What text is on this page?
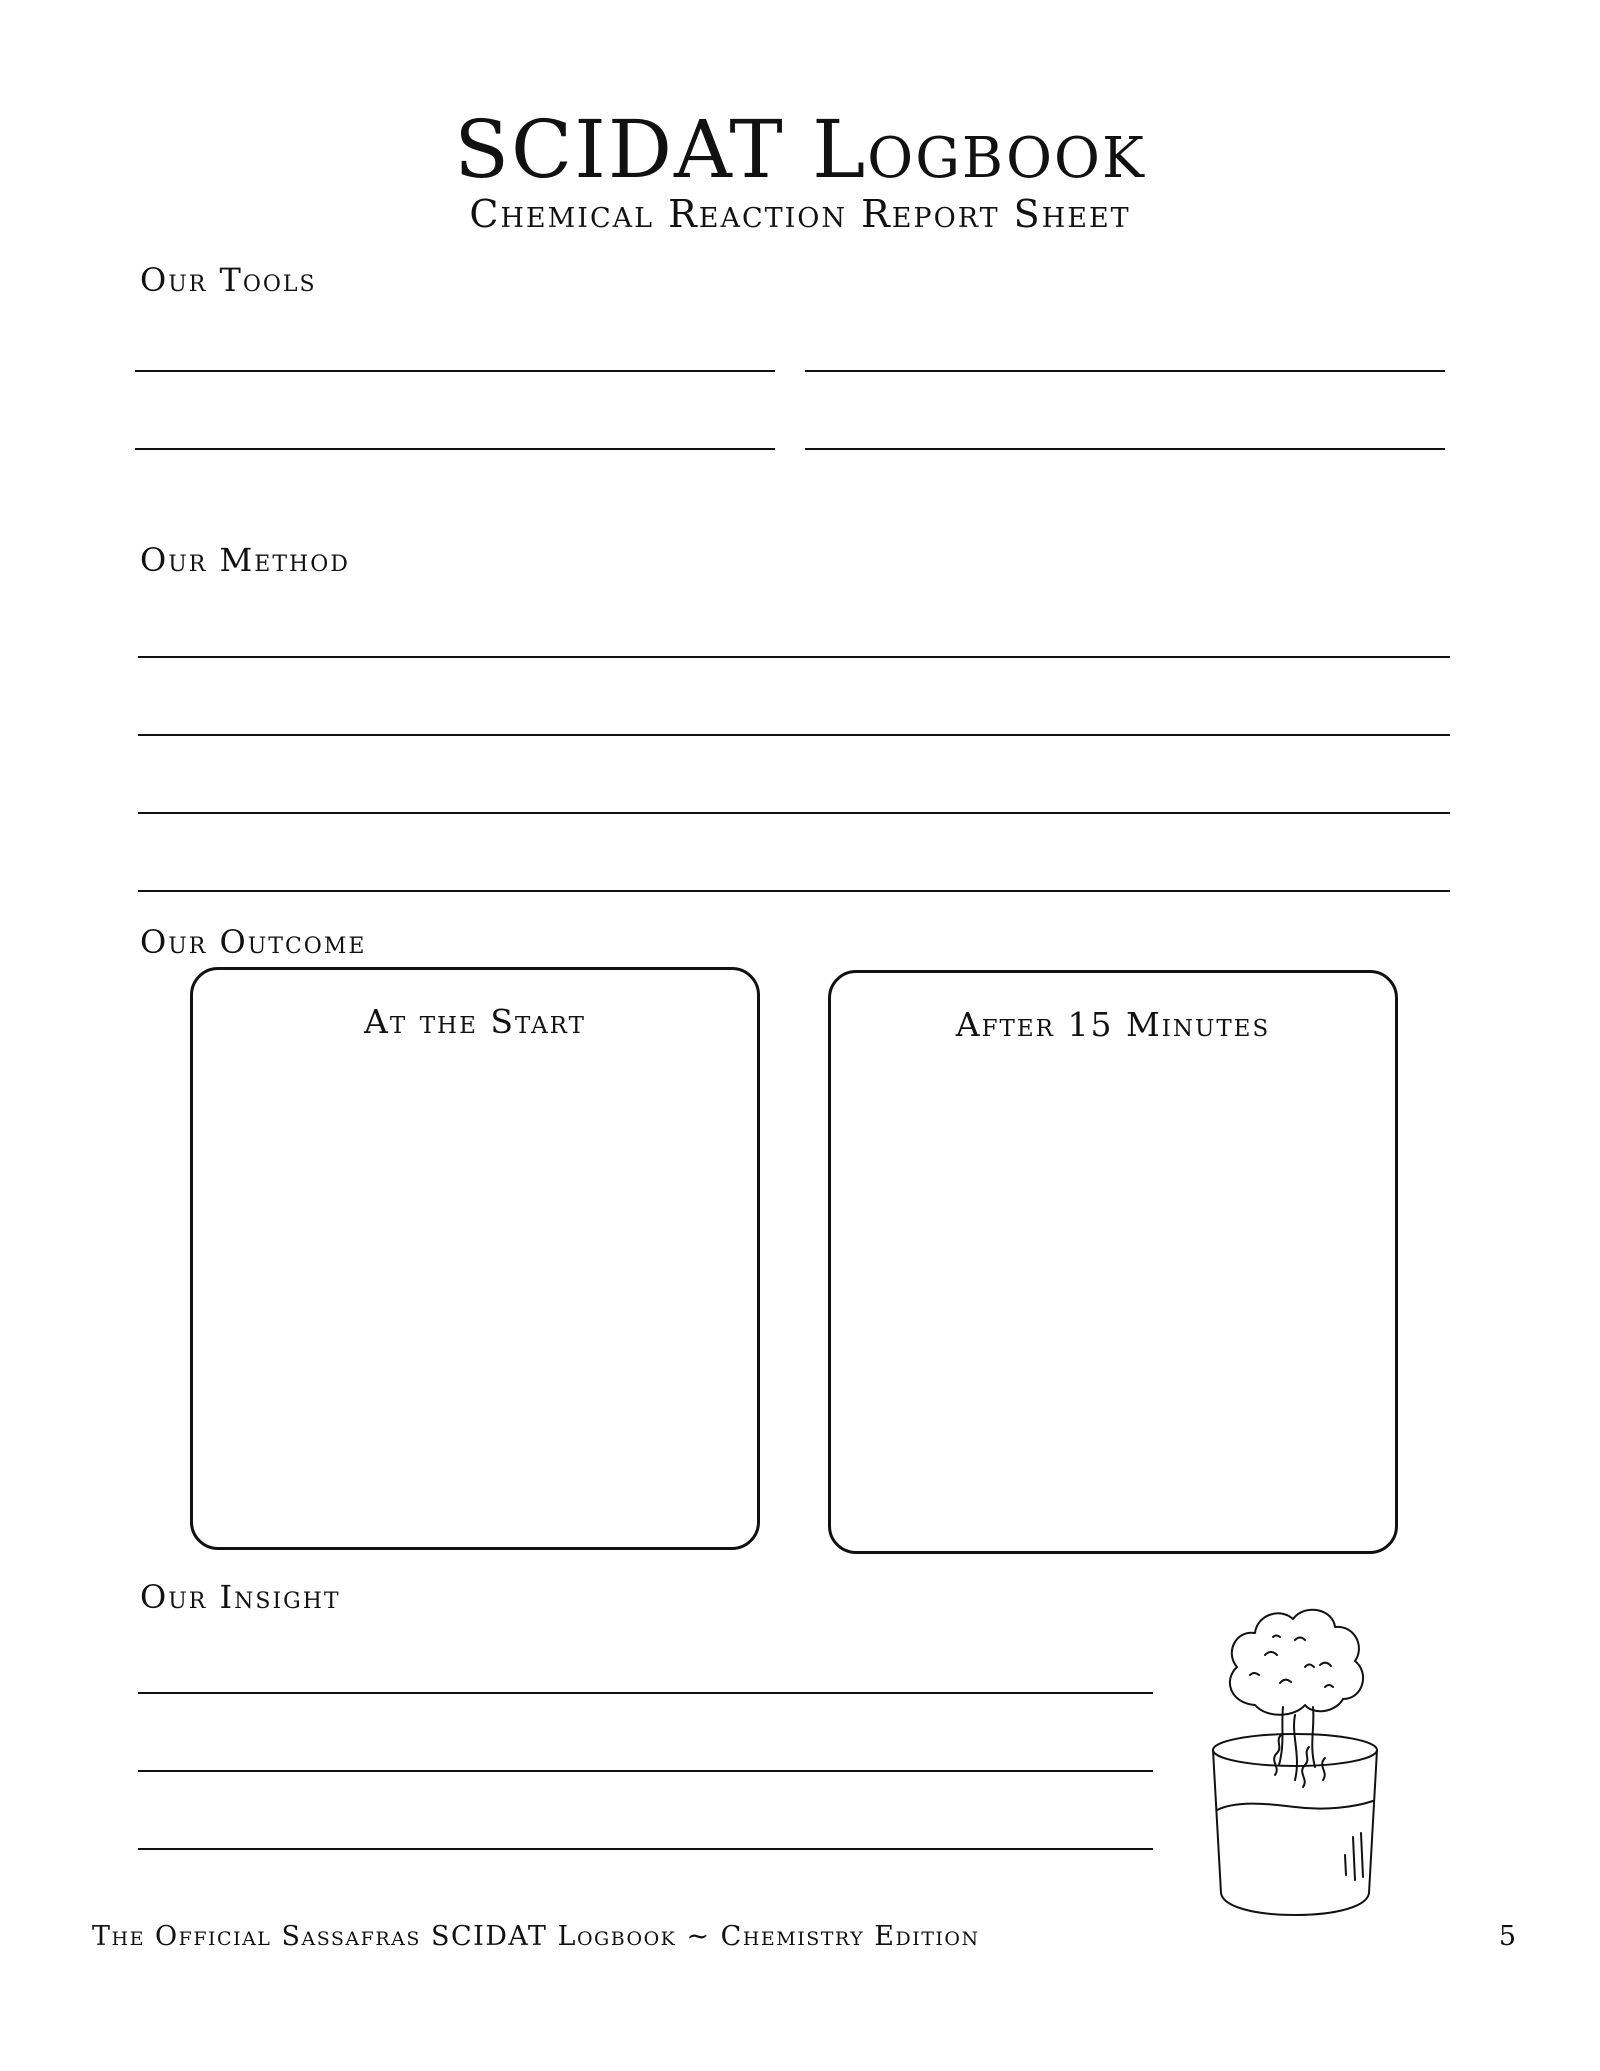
SCIDAT Logbook
Chemical Reaction Report Sheet
Our Tools
Our Method
Our Outcome
At the Start	After 15 Minutes
Our Insight
The Official Sassafras SCIDAT Logbook ~ Chemistry Edition	5
